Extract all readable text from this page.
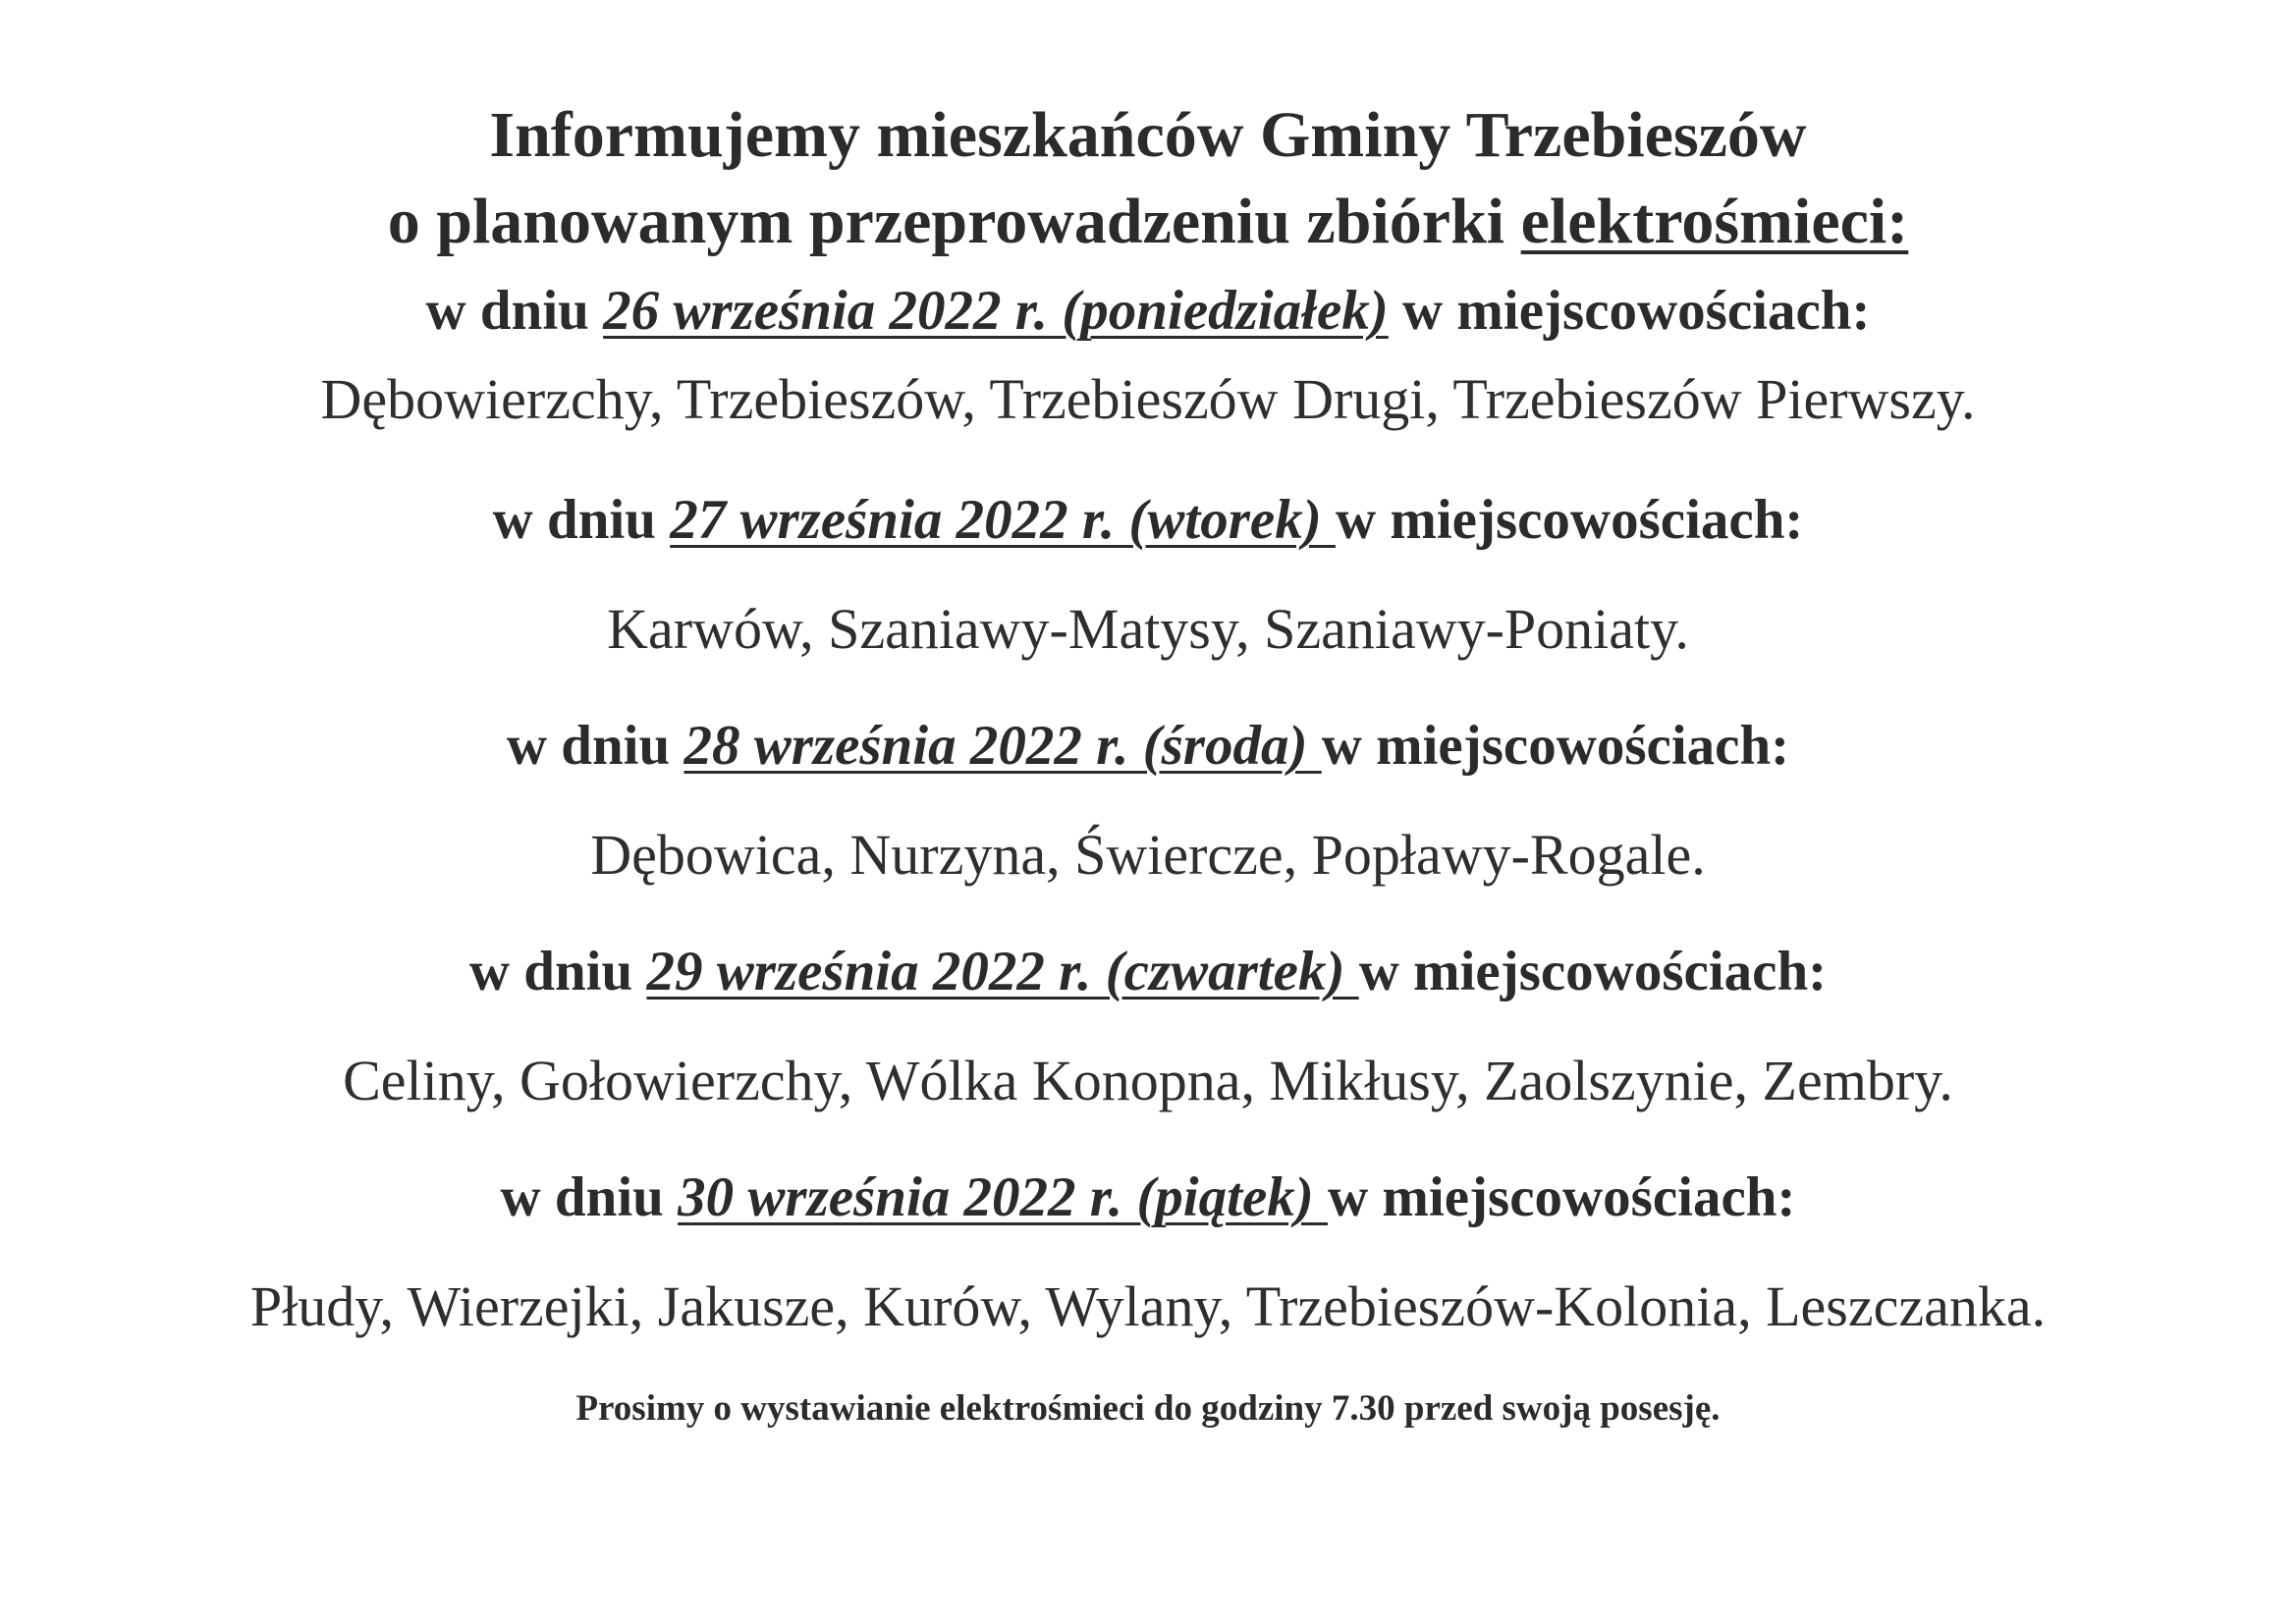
Informujemy mieszkańców Gminy Trzebieszów
o planowanym przeprowadzeniu zbiórki elektrośmieci:
w dniu 26 września 2022 r. (poniedziałek) w miejscowościach:
Dębowierzchy, Trzebieszów, Trzebieszów Drugi, Trzebieszów Pierwszy.
w dniu 27 września 2022 r. (wtorek) w miejscowościach:
Karwów, Szaniawy-Matysy, Szaniawy-Poniaty.
w dniu 28 września 2022 r. (środa) w miejscowościach:
Dębowica, Nurzyna, Świercze, Popławy-Rogale.
w dniu 29 września 2022 r. (czwartek) w miejscowościach:
Celiny, Gołowierzchy, Wólka Konopna, Mikłusy, Zaolszynie, Zembry.
w dniu 30 września 2022 r. (piątek) w miejscowościach:
Płudy, Wierzejki, Jakusze, Kurów, Wylany, Trzebieszów-Kolonia, Leszczanka.
Prosimy o wystawianie elektrośmieci do godziny 7.30 przed swoją posesję.
